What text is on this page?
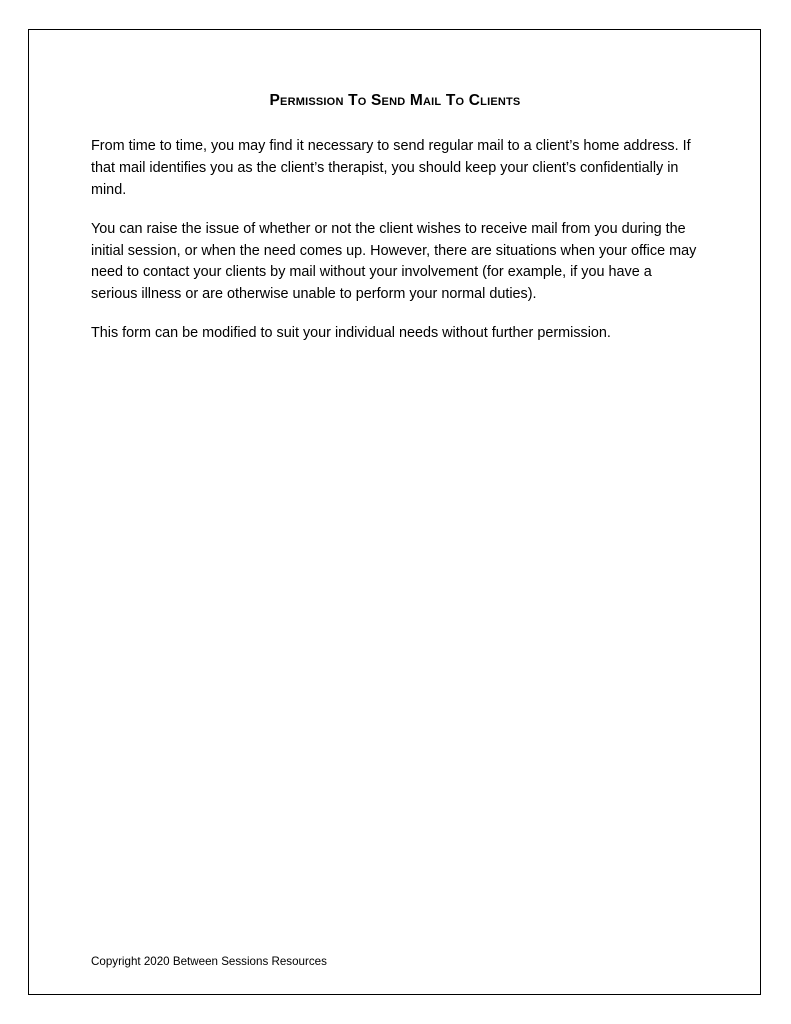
Permission To Send Mail To Clients

From time to time, you may find it necessary to send regular mail to a client’s home address. If that mail identifies you as the client’s therapist, you should keep your client’s confidentially in mind.

You can raise the issue of whether or not the client wishes to receive mail from you during the initial session, or when the need comes up. However, there are situations when your office may need to contact your clients by mail without your involvement (for example, if you have a serious illness or are otherwise unable to perform your normal duties).

This form can be modified to suit your individual needs without further permission.

Copyright 2020 Between Sessions Resources
